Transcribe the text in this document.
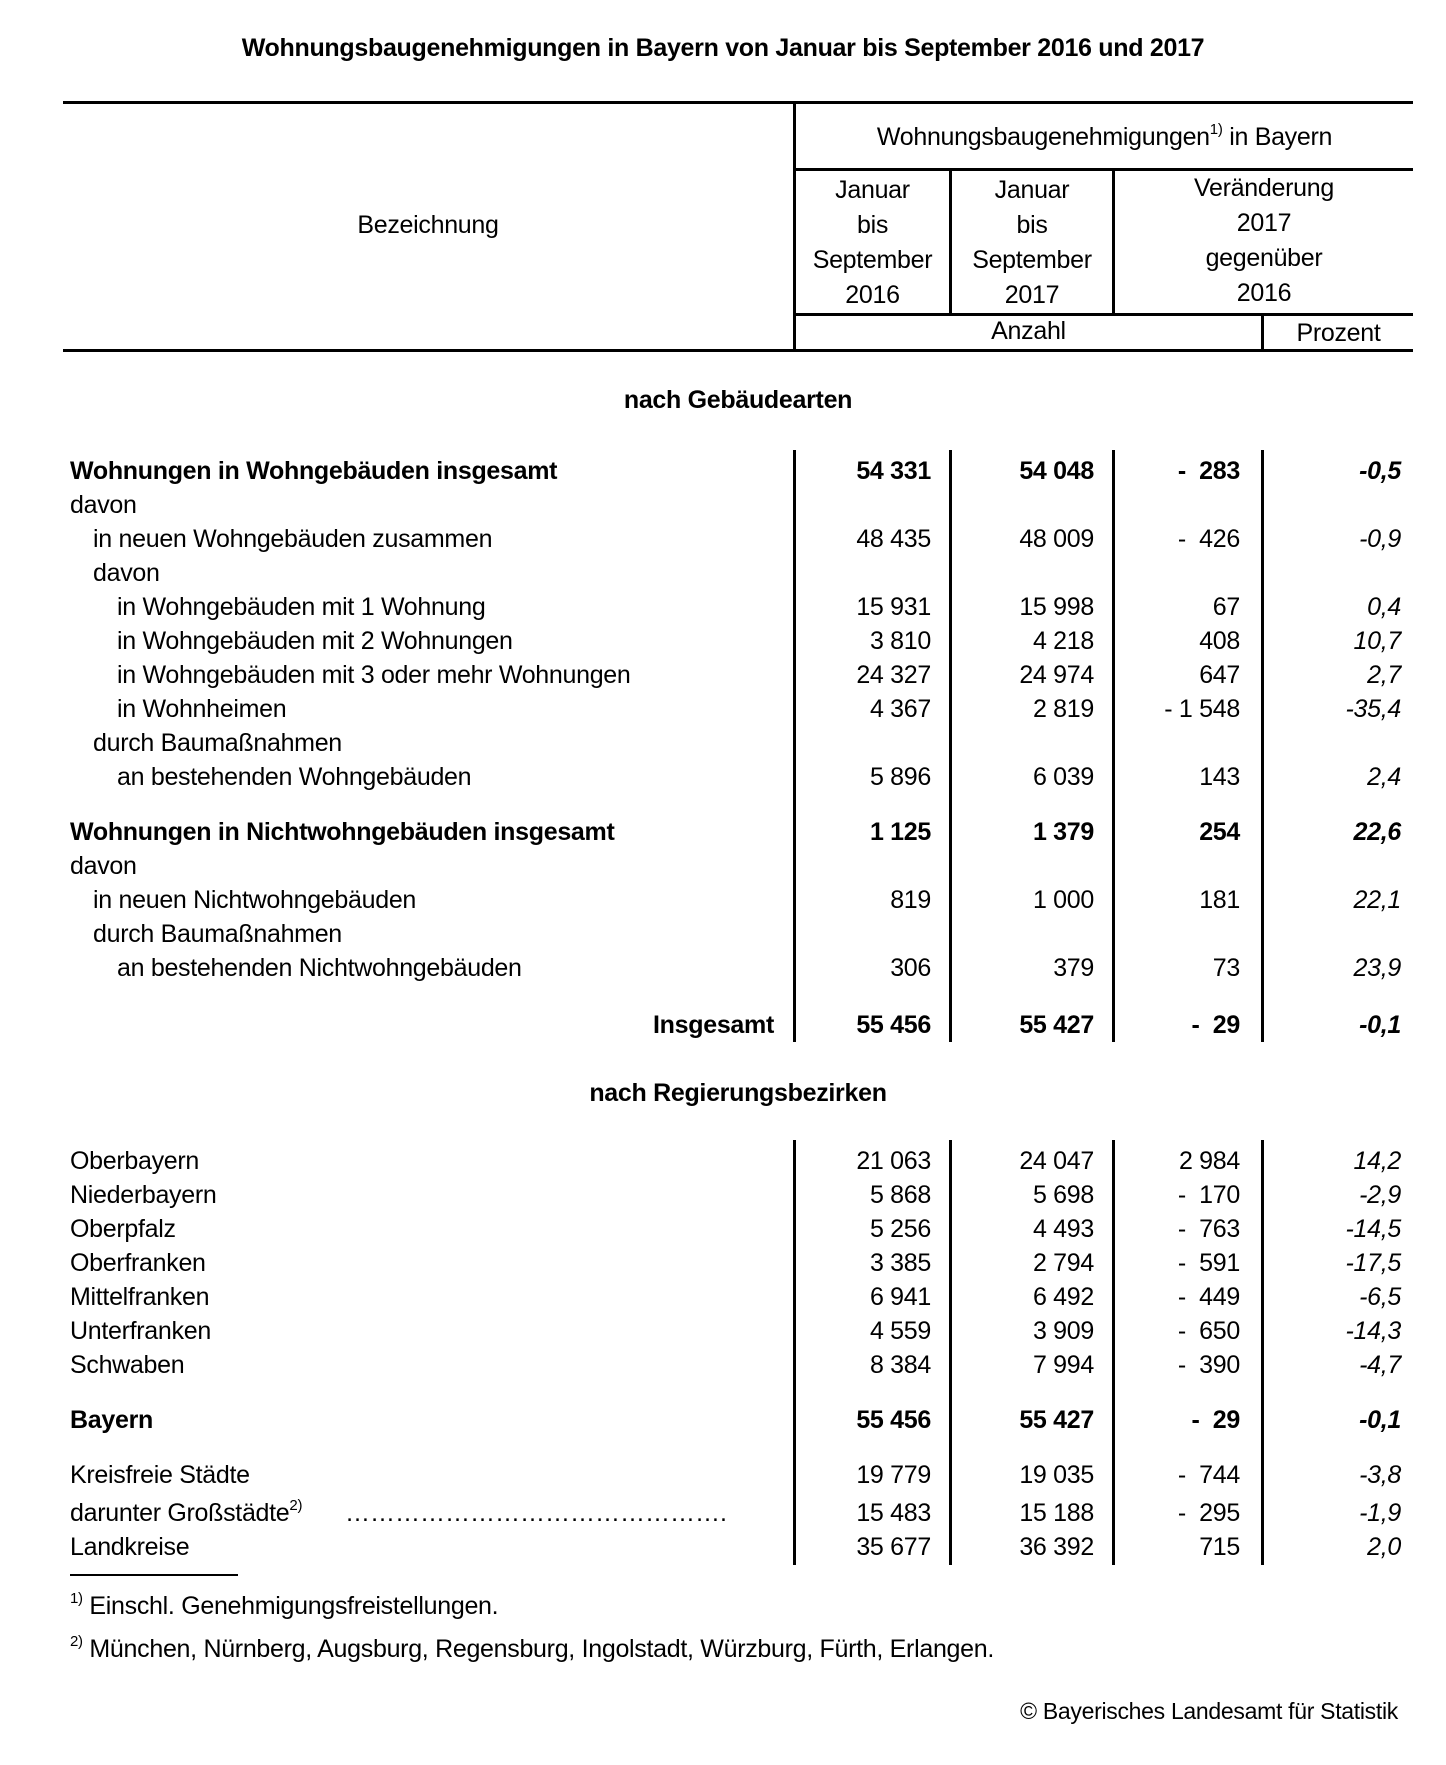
Wohnungsbaugenehmigungen in Bayern von Januar bis September 2016 und 2017
Bezeichnung
Wohnungsbaugenehmigungen$^{1)}$ in Bayern
Januar
bis
September
2016
Januar
bis
September
2017
Veränderung
2017
gegenüber
2016
Anzahl	Prozent
nach Gebäudearten
Wohnungen in Wohngebäuden insgesamt	54 331	54 048	-  283	-0,5
davon
in neuen Wohngebäuden zusammen	48 435	48 009	-  426	-0,9
davon
in Wohngebäuden mit 1 Wohnung	15 931	15 998	67	0,4
in Wohngebäuden mit 2 Wohnungen	3 810	4 218	408	10,7
in Wohngebäuden mit 3 oder mehr Wohnungen	24 327	24 974	647	2,7
in Wohnheimen	4 367	2 819	- 1 548	-35,4
durch Baumaßnahmen
an bestehenden Wohngebäuden	5 896	6 039	143	2,4
Wohnungen in Nichtwohngebäuden insgesamt	1 125	1 379	254	22,6
davon
in neuen Nichtwohngebäuden	819	1 000	181	22,1
durch Baumaßnahmen
an bestehenden Nichtwohngebäuden	306	379	73	23,9
Insgesamt	55 456	55 427	-  29	-0,1
nach Regierungsbezirken
Oberbayern	21 063	24 047	2 984	14,2
Niederbayern	5 868	5 698	-  170	-2,9
Oberpfalz	5 256	4 493	-  763	-14,5
Oberfranken	3 385	2 794	-  591	-17,5
Mittelfranken	6 941	6 492	-  449	-6,5
Unterfranken	4 559	3 909	-  650	-14,3
Schwaben	8 384	7 994	-  390	-4,7
Bayern	55 456	55 427	-  29	-0,1
Kreisfreie Städte	19 779	19 035	-  744	-3,8
darunter Großstädte$^{2)}$ ……………………………………….	15 483	15 188	-  295	-1,9
Landkreise	35 677	36 392	715	2,0
$^{1)}$ Einschl. Genehmigungsfreistellungen.
$^{2)}$ München, Nürnberg, Augsburg, Regensburg, Ingolstadt, Würzburg, Fürth, Erlangen.
© Bayerisches Landesamt für Statistik
